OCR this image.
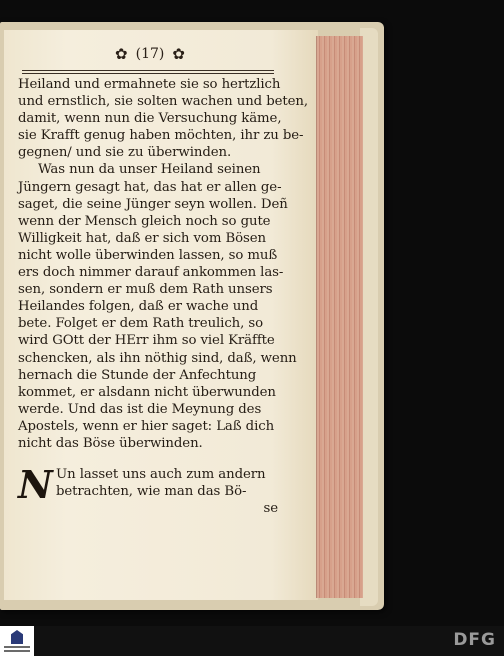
✿ (17) ✿
Heiland und ermahnete sie so hertzlich
und ernstlich, sie solten wachen und beten,
damit, wenn nun die Versuchung käme,
sie Krafft genug haben möchten, ihr zu be-
gegnen/ und sie zu überwinden.
Was nun da unser Heiland seinen
Jüngern gesagt hat, das hat er allen ge-
saget, die seine Jünger seyn wollen. Deñ
wenn der Mensch gleich noch so gute
Willigkeit hat, daß er sich vom Bösen
nicht wolle überwinden lassen, so muß
ers doch nimmer darauf ankommen las-
sen, sondern er muß dem Rath unsers
Heilandes folgen, daß er wache und
bete. Folget er dem Rath treulich, so
wird GOtt der HErr ihm so viel Kräffte
schencken, als ihn nöthig sind, daß, wenn
hernach die Stunde der Anfechtung
kommet, er alsdann nicht überwunden
werde. Und das ist die Meynung des
Apostels, wenn er hier saget: Laß dich
nicht das Böse überwinden.
N Un lasset uns auch zum andern
betrachten, wie man das Bö-
se
DFG
